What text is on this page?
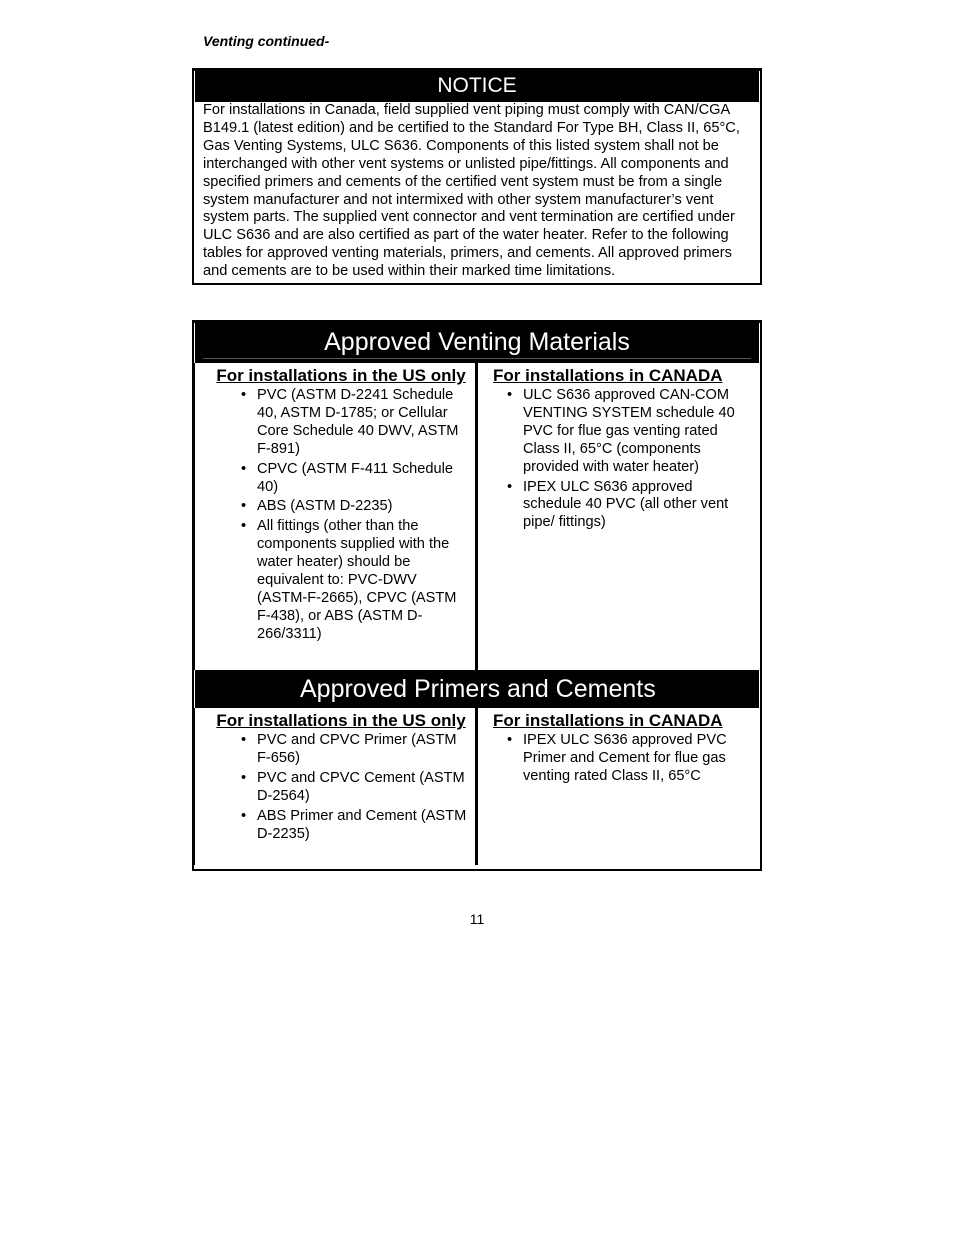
Venting continued-
NOTICE
For installations in Canada, field supplied vent piping must comply with CAN/CGA B149.1 (latest edition) and be certified to the Standard For Type BH, Class II, 65°C, Gas Venting Systems, ULC S636. Components of this listed system shall not be interchanged with other vent systems or unlisted pipe/fittings. All components and specified primers and cements of the certified vent system must be from a single system manufacturer and not intermixed with other system manufacturer’s vent system parts. The supplied vent connector and vent termination are certified under ULC S636 and are also certified as part of the water heater. Refer to the following tables for approved venting materials, primers, and cements. All approved primers and cements are to be used within their marked time limitations.
Approved Venting Materials
For installations in the US only
• PVC (ASTM D-2241 Schedule 40, ASTM D-1785; or Cellular Core Schedule 40 DWV, ASTM F-891)
• CPVC (ASTM F-411 Schedule 40)
• ABS (ASTM D-2235)
• All fittings (other than the components supplied with the water heater) should be equivalent to: PVC-DWV (ASTM-F-2665), CPVC (ASTM F-438), or ABS (ASTM D-266/3311)
For installations in CANADA
• ULC S636 approved CAN-COM VENTING SYSTEM schedule 40 PVC for flue gas venting rated Class II, 65°C (components provided with water heater)
• IPEX ULC S636 approved schedule 40 PVC (all other vent pipe/ fittings)
Approved Primers and Cements
For installations in the US only
• PVC and CPVC Primer (ASTM F-656)
• PVC and CPVC Cement (ASTM D-2564)
• ABS Primer and Cement (ASTM D-2235)
For installations in CANADA
• IPEX ULC S636 approved PVC Primer and Cement for flue gas venting rated Class II, 65°C
11
